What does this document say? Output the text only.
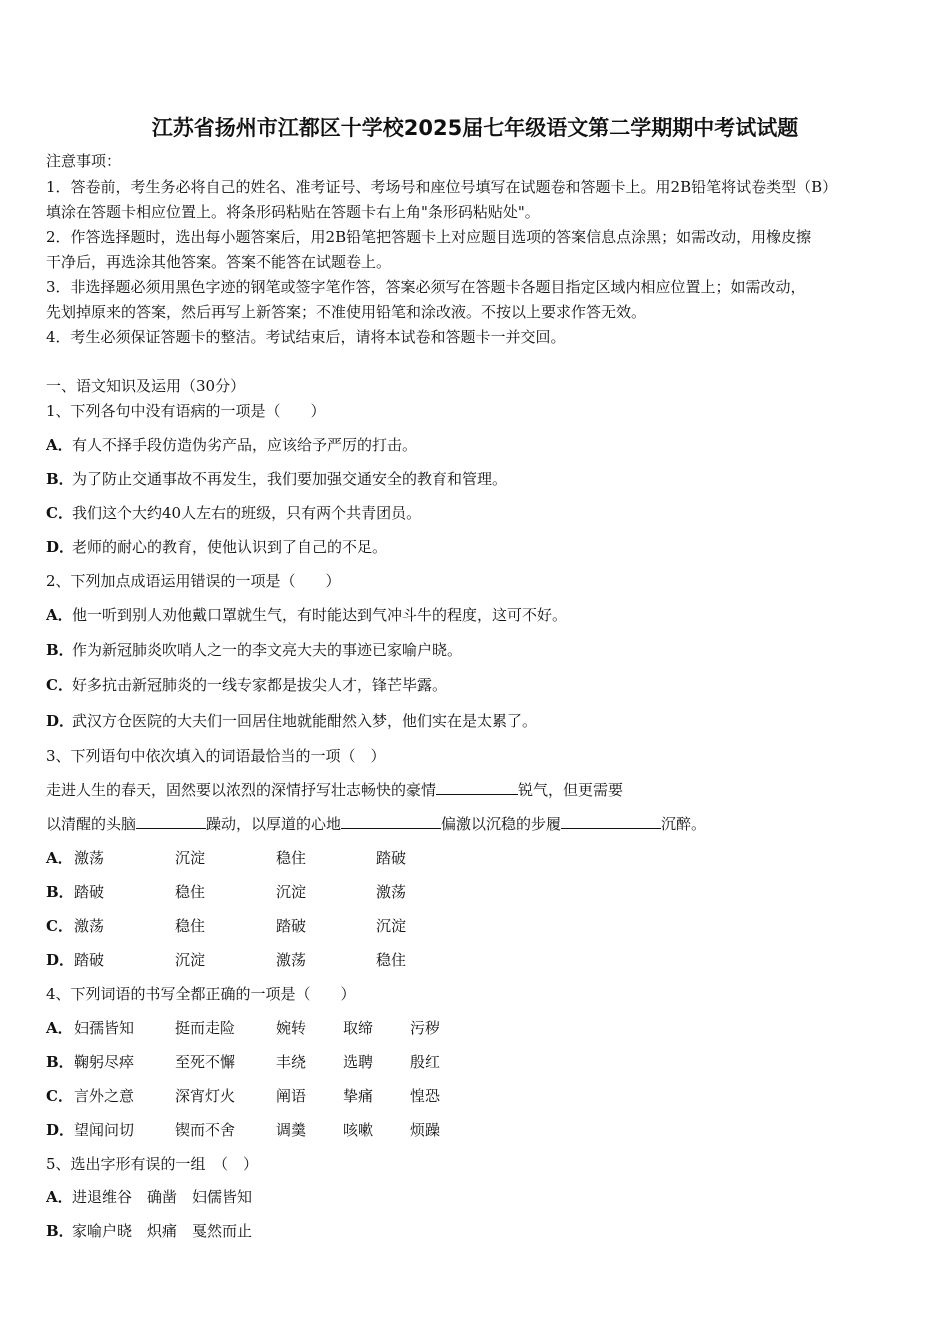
江苏省扬州市江都区十学校2025届七年级语文第二学期期中考试试题
注意事项：
1．答卷前，考生务必将自己的姓名、准考证号、考场号和座位号填写在试题卷和答题卡上。用2B铅笔将试卷类型（B）
填涂在答题卡相应位置上。将条形码粘贴在答题卡右上角"条形码粘贴处"。
2．作答选择题时，选出每小题答案后，用2B铅笔把答题卡上对应题目选项的答案信息点涂黑；如需改动，用橡皮擦
干净后，再选涂其他答案。答案不能答在试题卷上。
3．非选择题必须用黑色字迹的钢笔或签字笔作答，答案必须写在答题卡各题目指定区域内相应位置上；如需改动，
先划掉原来的答案，然后再写上新答案；不准使用铅笔和涂改液。不按以上要求作答无效。
4．考生必须保证答题卡的整洁。考试结束后，请将本试卷和答题卡一并交回。
一、语文知识及运用（30分）
1、下列各句中没有语病的一项是（　　）
A．有人不择手段仿造伪劣产品，应该给予严厉的打击。
B．为了防止交通事故不再发生，我们要加强交通安全的教育和管理。
C．我们这个大约40人左右的班级，只有两个共青团员。
D．老师的耐心的教育，使他认识到了自己的不足。
2、下列加点成语运用错误的一项是（　　）
A．他一听到别人劝他戴口罩就生气，有时能达到气冲斗牛的程度，这可不好。
B．作为新冠肺炎吹哨人之一的李文亮大夫的事迹已家喻户晓。
C．好多抗击新冠肺炎的一线专家都是拔尖人才，锋芒毕露。
D．武汉方仓医院的大夫们一回居住地就能酣然入梦，他们实在是太累了。
3、下列语句中依次填入的词语最恰当的一项（　）
走进人生的春天，固然要以浓烈的深情抒写壮志畅快的豪情	锐气，但更需要
以清醒的头脑	躁动，以厚道的心地	偏激以沉稳的步履	沉醉。
A． 激荡	沉淀	稳住	踏破
B． 踏破	稳住	沉淀	激荡
C． 激荡	稳住	踏破	沉淀
D． 踏破	沉淀	激荡	稳住
4、下列词语的书写全都正确的一项是（　　）
A． 妇孺皆知	挺而走险	婉转 取缔 污秽
B． 鞠躬尽瘁	至死不懈	丰绕 选聘 殷红
C． 言外之意	深宵灯火	阐语 挚痛 惶恐
D． 望闻问切	锲而不舍	调羹 咳嗽 烦躁
5、选出字形有误的一组　（　）
A．进退维谷　确凿　妇儒皆知
B．家喻户晓　炽痛　戛然而止
